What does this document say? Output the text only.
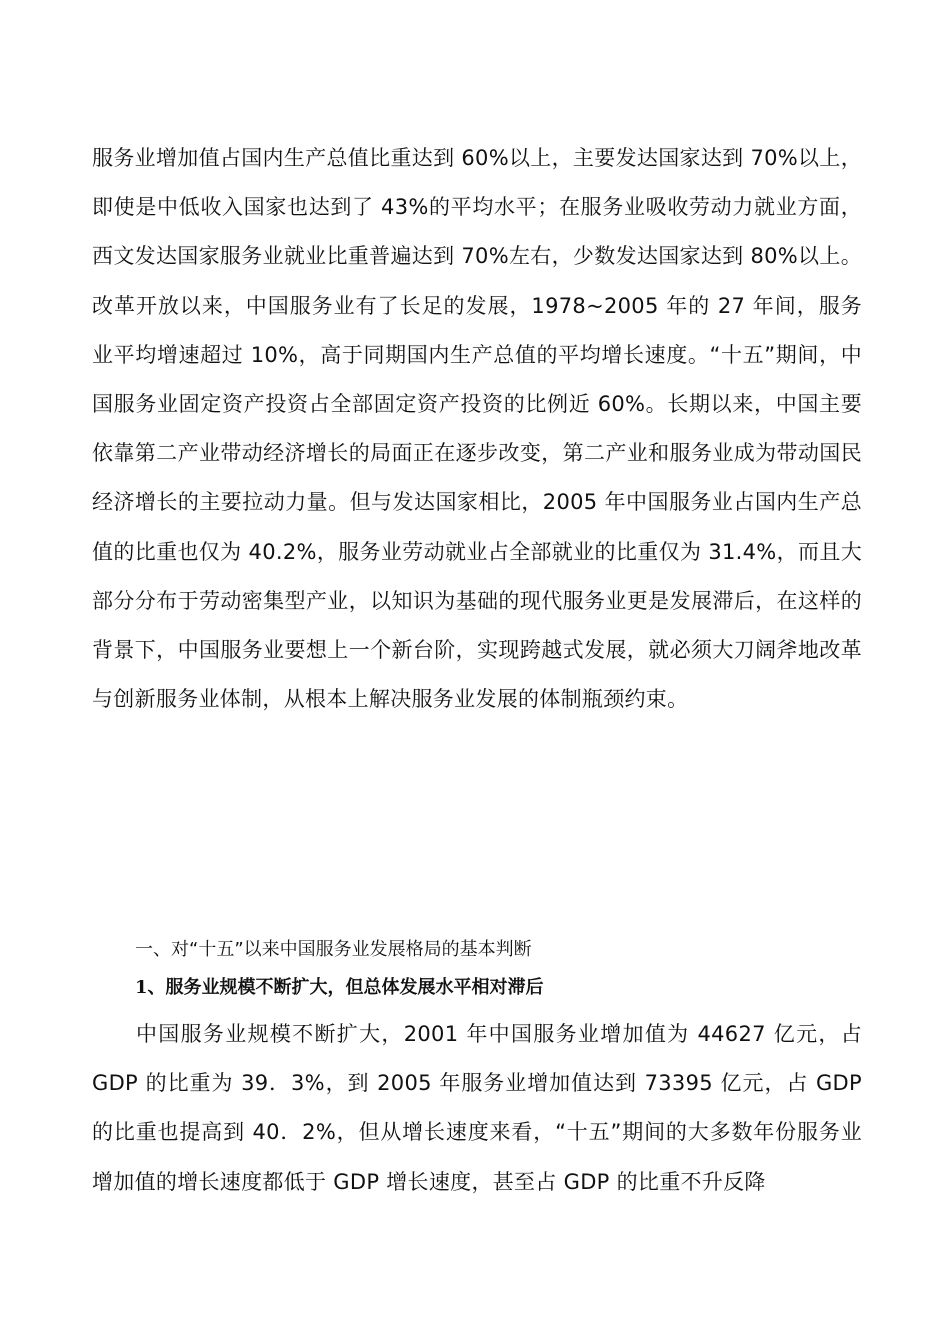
服务业增加值占国内生产总值比重达到 60%以上，主要发达国家达到 70%以上，即使是中低收入国家也达到了 43%的平均水平；在服务业吸收劳动力就业方面，西文发达国家服务业就业比重普遍达到 70%左右，少数发达国家达到 80%以上。改革开放以来，中国服务业有了长足的发展，1978~2005 年的 27 年间，服务业平均增速超过 10%，高于同期国内生产总值的平均增长速度。“十五”期间，中国服务业固定资产投资占全部固定资产投资的比例近 60%。长期以来，中国主要依靠第二产业带动经济增长的局面正在逐步改变，第二产业和服务业成为带动国民经济增长的主要拉动力量。但与发达国家相比，2005 年中国服务业占国内生产总值的比重也仅为 40.2%，服务业劳动就业占全部就业的比重仅为 31.4%，而且大部分分布于劳动密集型产业，以知识为基础的现代服务业更是发展滞后，在这样的背景下，中国服务业要想上一个新台阶，实现跨越式发展，就必须大刀阔斧地改革与创新服务业体制，从根本上解决服务业发展的体制瓶颈约束。

一、对“十五”以来中国服务业发展格局的基本判断
1、服务业规模不断扩大，但总体发展水平相对滞后

中国服务业规模不断扩大，2001 年中国服务业增加值为 44627 亿元，占 GDP 的比重为 39．3%，到 2005 年服务业增加值达到 73395 亿元，占 GDP 的比重也提高到 40．2%，但从增长速度来看，“十五”期间的大多数年份服务业增加值的增长速度都低于 GDP 增长速度，甚至占 GDP 的比重不升反降
